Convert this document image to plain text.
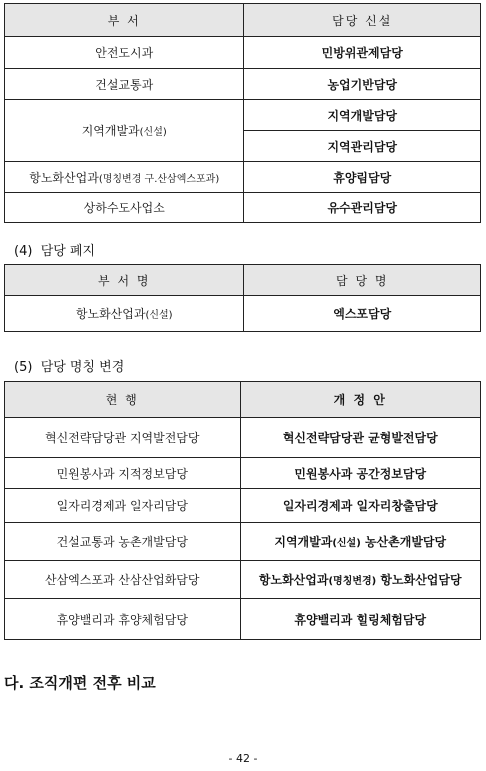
부 서	담당 신설
안전도시과	민방위관제담당
건설교통과	농업기반담당
지역개발과(신설)	지역개발담당
	지역관리담당
항노화산업과(명칭변경 구.산삼엑스포과)	휴양림담당
상하수도사업소	유수관리담당
(4) 담당 폐지
부 서 명	담 당 명
항노화산업과(신설)	엑스포담당
(5) 담당 명칭 변경
현 행	개 정 안
혁신전략담당관 지역발전담당	혁신전략담당관 균형발전담당
민원봉사과 지적정보담당	민원봉사과 공간정보담당
일자리경제과 일자리담당	일자리경제과 일자리창출담당
건설교통과 농촌개발담당	지역개발과(신설) 농산촌개발담당
산삼엑스포과 산삼산업화담당	항노화산업과(명칭변경) 항노화산업담당
휴양밸리과 휴양체험담당	휴양밸리과 힐링체험담당
다. 조직개편 전후 비교
- 42 -
